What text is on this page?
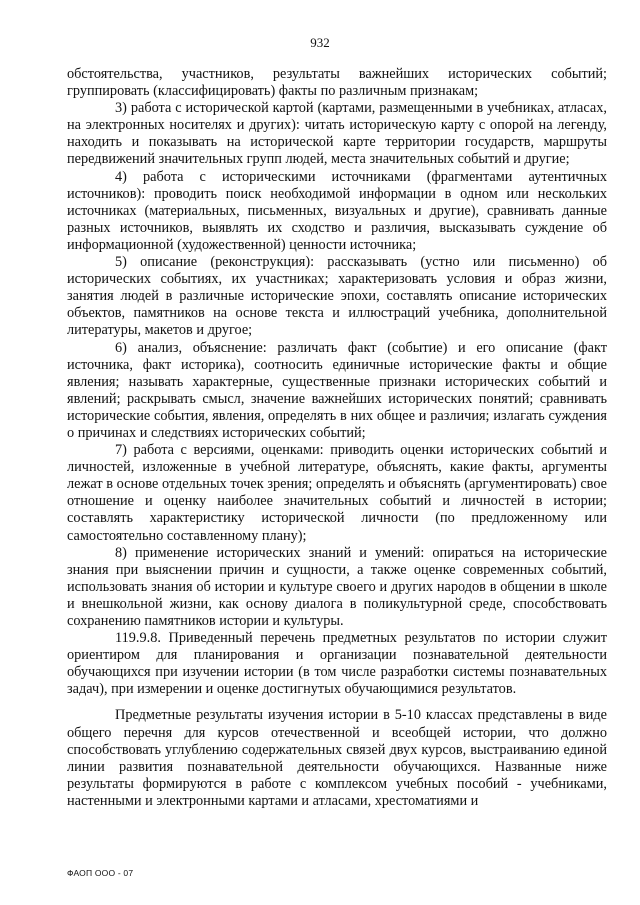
932

обстоятельства, участников, результаты важнейших исторических событий; группировать (классифицировать) факты по различным признакам;

3) работа с исторической картой (картами, размещенными в учебниках, атласах, на электронных носителях и других): читать историческую карту с опорой на легенду, находить и показывать на исторической карте территории государств, маршруты передвижений значительных групп людей, места значительных событий и другие;

4) работа с историческими источниками (фрагментами аутентичных источников): проводить поиск необходимой информации в одном или нескольких источниках (материальных, письменных, визуальных и другие), сравнивать данные разных источников, выявлять их сходство и различия, высказывать суждение об информационной (художественной) ценности источника;

5) описание (реконструкция): рассказывать (устно или письменно) об исторических событиях, их участниках; характеризовать условия и образ жизни, занятия людей в различные исторические эпохи, составлять описание исторических объектов, памятников на основе текста и иллюстраций учебника, дополнительной литературы, макетов и другое;

6) анализ, объяснение: различать факт (событие) и его описание (факт источника, факт историка), соотносить единичные исторические факты и общие явления; называть характерные, существенные признаки исторических событий и явлений; раскрывать смысл, значение важнейших исторических понятий; сравнивать исторические события, явления, определять в них общее и различия; излагать суждения о причинах и следствиях исторических событий;

7) работа с версиями, оценками: приводить оценки исторических событий и личностей, изложенные в учебной литературе, объяснять, какие факты, аргументы лежат в основе отдельных точек зрения; определять и объяснять (аргументировать) свое отношение и оценку наиболее значительных событий и личностей в истории; составлять характеристику исторической личности (по предложенному или самостоятельно составленному плану);

8) применение исторических знаний и умений: опираться на исторические знания при выяснении причин и сущности, а также оценке современных событий, использовать знания об истории и культуре своего и других народов в общении в школе и внешкольной жизни, как основу диалога в поликультурной среде, способствовать сохранению памятников истории и культуры.

119.9.8. Приведенный перечень предметных результатов по истории служит ориентиром для планирования и организации познавательной деятельности обучающихся при изучении истории (в том числе разработки системы познавательных задач), при измерении и оценке достигнутых обучающимися результатов.

Предметные результаты изучения истории в 5-10 классах представлены в виде общего перечня для курсов отечественной и всеобщей истории, что должно способствовать углублению содержательных связей двух курсов, выстраиванию единой линии развития познавательной деятельности обучающихся. Названные ниже результаты формируются в работе с комплексом учебных пособий - учебниками, настенными и электронными картами и атласами, хрестоматиями и

ФАОП ООО - 07
